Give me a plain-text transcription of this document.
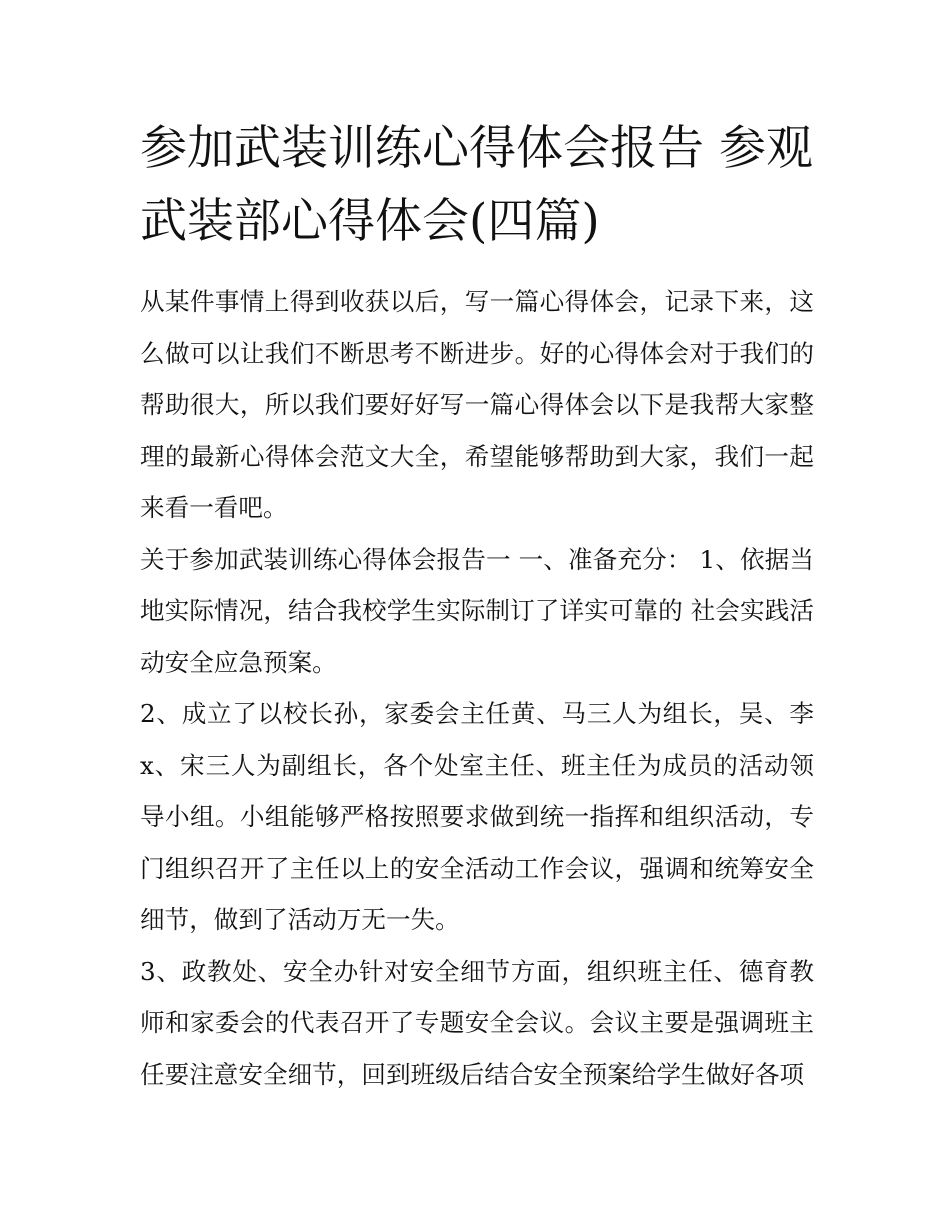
参加武装训练心得体会报告 参观武装部心得体会(四篇)

从某件事情上得到收获以后，写一篇心得体会，记录下来，这么做可以让我们不断思考不断进步。好的心得体会对于我们的帮助很大，所以我们要好好写一篇心得体会以下是我帮大家整理的最新心得体会范文大全，希望能够帮助到大家，我们一起来看一看吧。

关于参加武装训练心得体会报告一 一、准备充分： 1、依据当地实际情况，结合我校学生实际制订了详实可靠的 社会实践活动安全应急预案。

2、成立了以校长孙，家委会主任黄、马三人为组长，吴、李x、宋三人为副组长，各个处室主任、班主任为成员的活动领导小组。小组能够严格按照要求做到统一指挥和组织活动，专门组织召开了主任以上的安全活动工作会议，强调和统筹安全细节，做到了活动万无一失。

3、政教处、安全办针对安全细节方面，组织班主任、德育教师和家委会的代表召开了专题安全会议。会议主要是强调班主任要注意安全细节，回到班级后结合安全预案给学生做好各项
